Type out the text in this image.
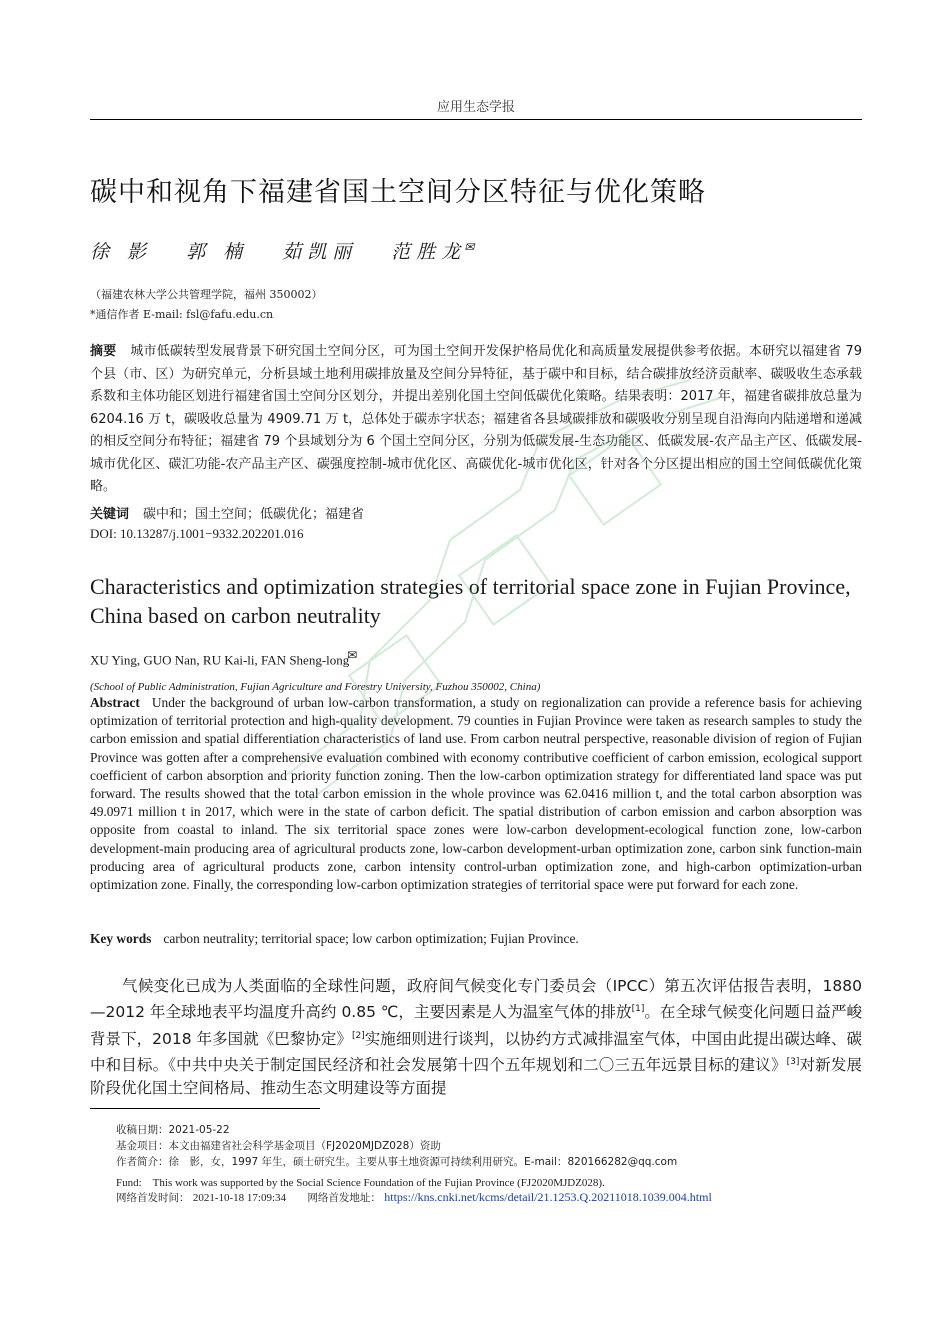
应用生态学报
碳中和视角下福建省国土空间分区特征与优化策略
徐 影 郭 楠 茹凯丽 范胜龙✉
（福建农林大学公共管理学院，福州 350002）
*通信作者 E-mail: fsl@fafu.edu.cn
摘要 城市低碳转型发展背景下研究国土空间分区，可为国土空间开发保护格局优化和高质量发展提供参考依据。本研究以福建省 79 个县（市、区）为研究单元，分析县域土地利用碳排放量及空间分异特征，基于碳中和目标，结合碳排放经济贡献率、碳吸收生态承载系数和主体功能区划进行福建省国土空间分区划分，并提出差别化国土空间低碳优化策略。结果表明：2017 年，福建省碳排放总量为 6204.16 万 t，碳吸收总量为 4909.71 万 t，总体处于碳赤字状态；福建省各县域碳排放和碳吸收分别呈现自沿海向内陆递增和递减的相反空间分布特征；福建省 79 个县域划分为 6 个国土空间分区，分别为低碳发展-生态功能区、低碳发展-农产品主产区、低碳发展-城市优化区、碳汇功能-农产品主产区、碳强度控制-城市优化区、高碳优化-城市优化区，针对各个分区提出相应的国土空间低碳优化策略。
关键词 碳中和；国土空间；低碳优化；福建省
DOI: 10.13287/j.1001−9332.202201.016
Characteristics and optimization strategies of territorial space zone in Fujian Province, China based on carbon neutrality
XU Ying, GUO Nan, RU Kai-li, FAN Sheng-long✉
(School of Public Administration, Fujian Agriculture and Forestry University, Fuzhou 350002, China)
Abstract Under the background of urban low-carbon transformation, a study on regionalization can provide a reference basis for achieving optimization of territorial protection and high-quality development. 79 counties in Fujian Province were taken as research samples to study the carbon emission and spatial differentiation characteristics of land use. From carbon neutral perspective, reasonable division of region of Fujian Province was gotten after a comprehensive evaluation combined with economy contributive coefficient of carbon emission, ecological support coefficient of carbon absorption and priority function zoning. Then the low-carbon optimization strategy for differentiated land space was put forward. The results showed that the total carbon emission in the whole province was 62.0416 million t, and the total carbon absorption was 49.0971 million t in 2017, which were in the state of carbon deficit. The spatial distribution of carbon emission and carbon absorption was opposite from coastal to inland. The six territorial space zones were low-carbon development-ecological function zone, low-carbon development-main producing area of agricultural products zone, low-carbon development-urban optimization zone, carbon sink function-main producing area of agricultural products zone, carbon intensity control-urban optimization zone, and high-carbon optimization-urban optimization zone. Finally, the corresponding low-carbon optimization strategies of territorial space were put forward for each zone.
Key words carbon neutrality; territorial space; low carbon optimization; Fujian Province.
气候变化已成为人类面临的全球性问题，政府间气候变化专门委员会（IPCC）第五次评估报告表明，1880—2012 年全球地表平均温度升高约 0.85 ℃，主要因素是人为温室气体的排放[1]。在全球气候变化问题日益严峻背景下，2018 年多国就《巴黎协定》[2]实施细则进行谈判，以协约方式减排温室气体，中国由此提出碳达峰、碳中和目标。《中共中央关于制定国民经济和社会发展第十四个五年规划和二〇三五年远景目标的建议》[3]对新发展阶段优化国土空间格局、推动生态文明建设等方面提
收稿日期：2021-05-22
基金项目：本文由福建省社会科学基金项目（FJ2020MJDZ028）资助
作者简介：徐　影，女，1997 年生，硕士研究生。主要从事土地资源可持续利用研究。E-mail：820166282@qq.com
Fund:　This work was supported by the Social Science Foundation of the Fujian Province (FJ2020MJDZ028).
网络首发时间： 2021-10-18 17:09:34 网络首发地址： https://kns.cnki.net/kcms/detail/21.1253.Q.20211018.1039.004.html
